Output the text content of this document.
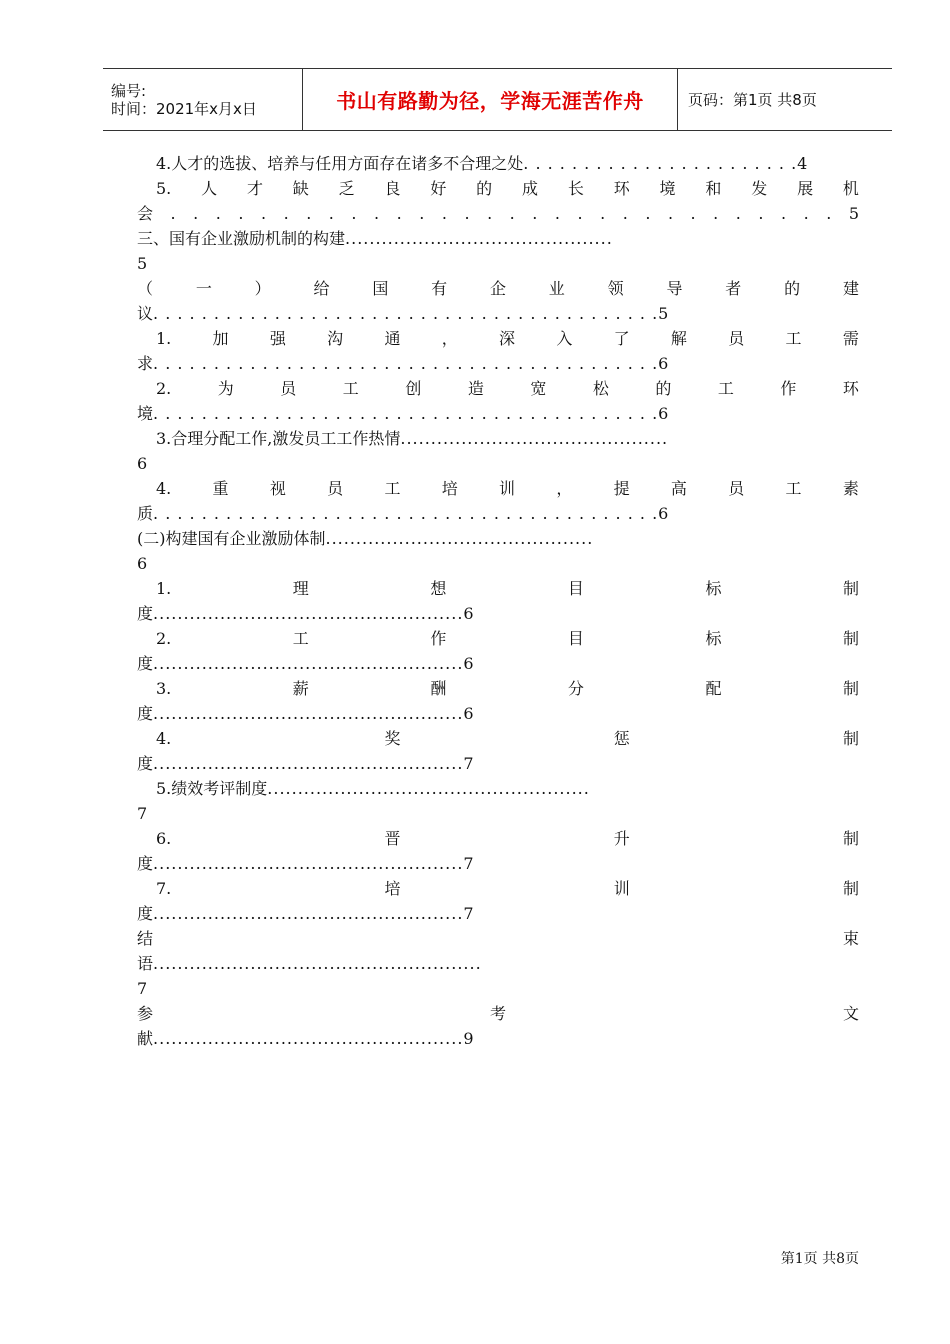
编号:
时间：2021年x月x日	书山有路勤为径，学海无涯苦作舟	页码：第1页 共8页
4.人才的选拔、培养与任用方面存在诸多不合理之处. . . . . . . . . . . . . . . . . . . . . . .4
5. 人 才 缺 乏 良 好 的 成 长 环 境 和 发 展 机
会 . . . . . . . . . . . . . . . . . . . . . . . . . . . . . . 5
三、国有企业激励机制的构建............................................
5
（	一	）	给	国	有	企	业	领	导	者	的	建
议. . . . . . . . . . . . . . . . . . . . . . . . . . . . . . . . . . . . . . . . . .5
1.	加	强	沟	通	，	深	入	了	解	员	工	需
求. . . . . . . . . . . . . . . . . . . . . . . . . . . . . . . . . . . . . . . . . .6
2.	为	员	工	创	造	宽	松	的	工	作	环
境. . . . . . . . . . . . . . . . . . . . . . . . . . . . . . . . . . . . . . . . . .6
3.合理分配工作,激发员工工作热情............................................
6
4.	重	视	员	工	培	训	，	提	高	员	工	素
质. . . . . . . . . . . . . . . . . . . . . . . . . . . . . . . . . . . . . . . . . .6
(二)构建国有企业激励体制............................................
6
1.	理	想	目	标	制
度...................................................6
2.	工	作	目	标	制
度...................................................6
3.	薪	酬	分	配	制
度...................................................6
4.	奖	惩	制
度...................................................7
5.绩效考评制度.....................................................
7
6.	晋	升	制
度...................................................7
7.	培	训	制
度...................................................7
结	束
语......................................................
7
参	考	文
献...................................................9
第1页 共8页
